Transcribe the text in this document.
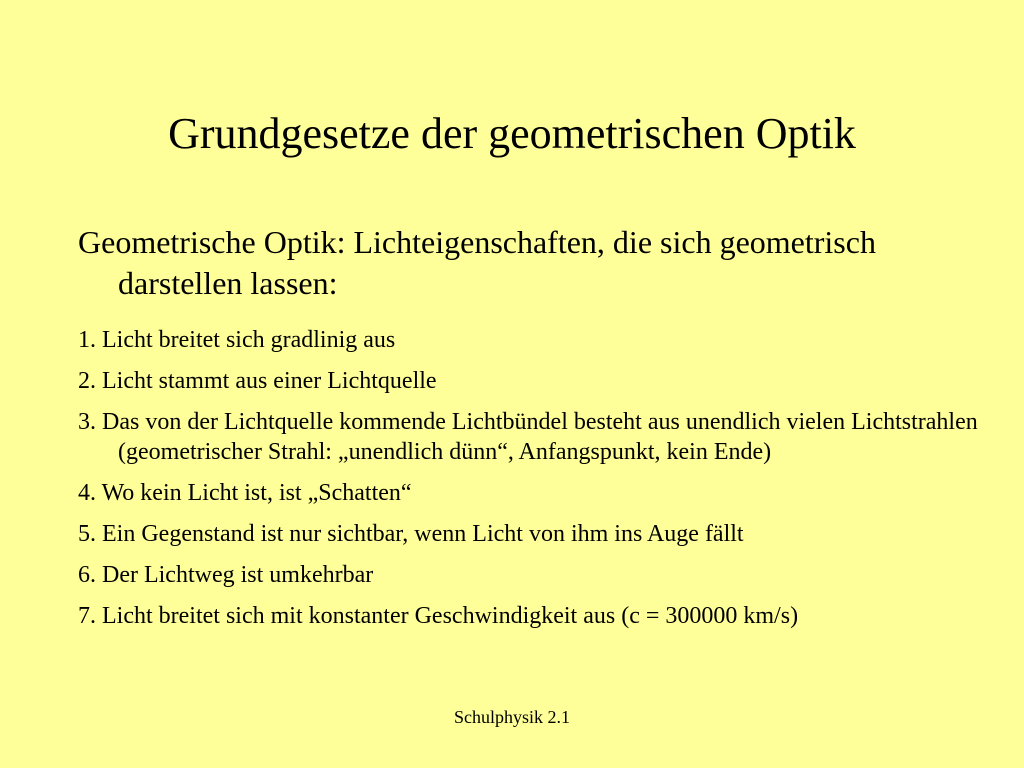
Grundgesetze der geometrischen Optik

Geometrische Optik: Lichteigenschaften, die sich geometrisch darstellen lassen:

1. Licht breitet sich gradlinig aus
2. Licht stammt aus einer Lichtquelle
3. Das von der Lichtquelle kommende Lichtbündel besteht aus unendlich vielen Lichtstrahlen
(geometrischer Strahl: „unendlich dünn“, Anfangspunkt, kein Ende)
4. Wo kein Licht ist, ist „Schatten“
5. Ein Gegenstand ist nur sichtbar, wenn Licht von ihm ins Auge fällt
6. Der Lichtweg ist umkehrbar
7. Licht breitet sich mit konstanter Geschwindigkeit aus (c = 300000 km/s)
Schulphysik 2.1
